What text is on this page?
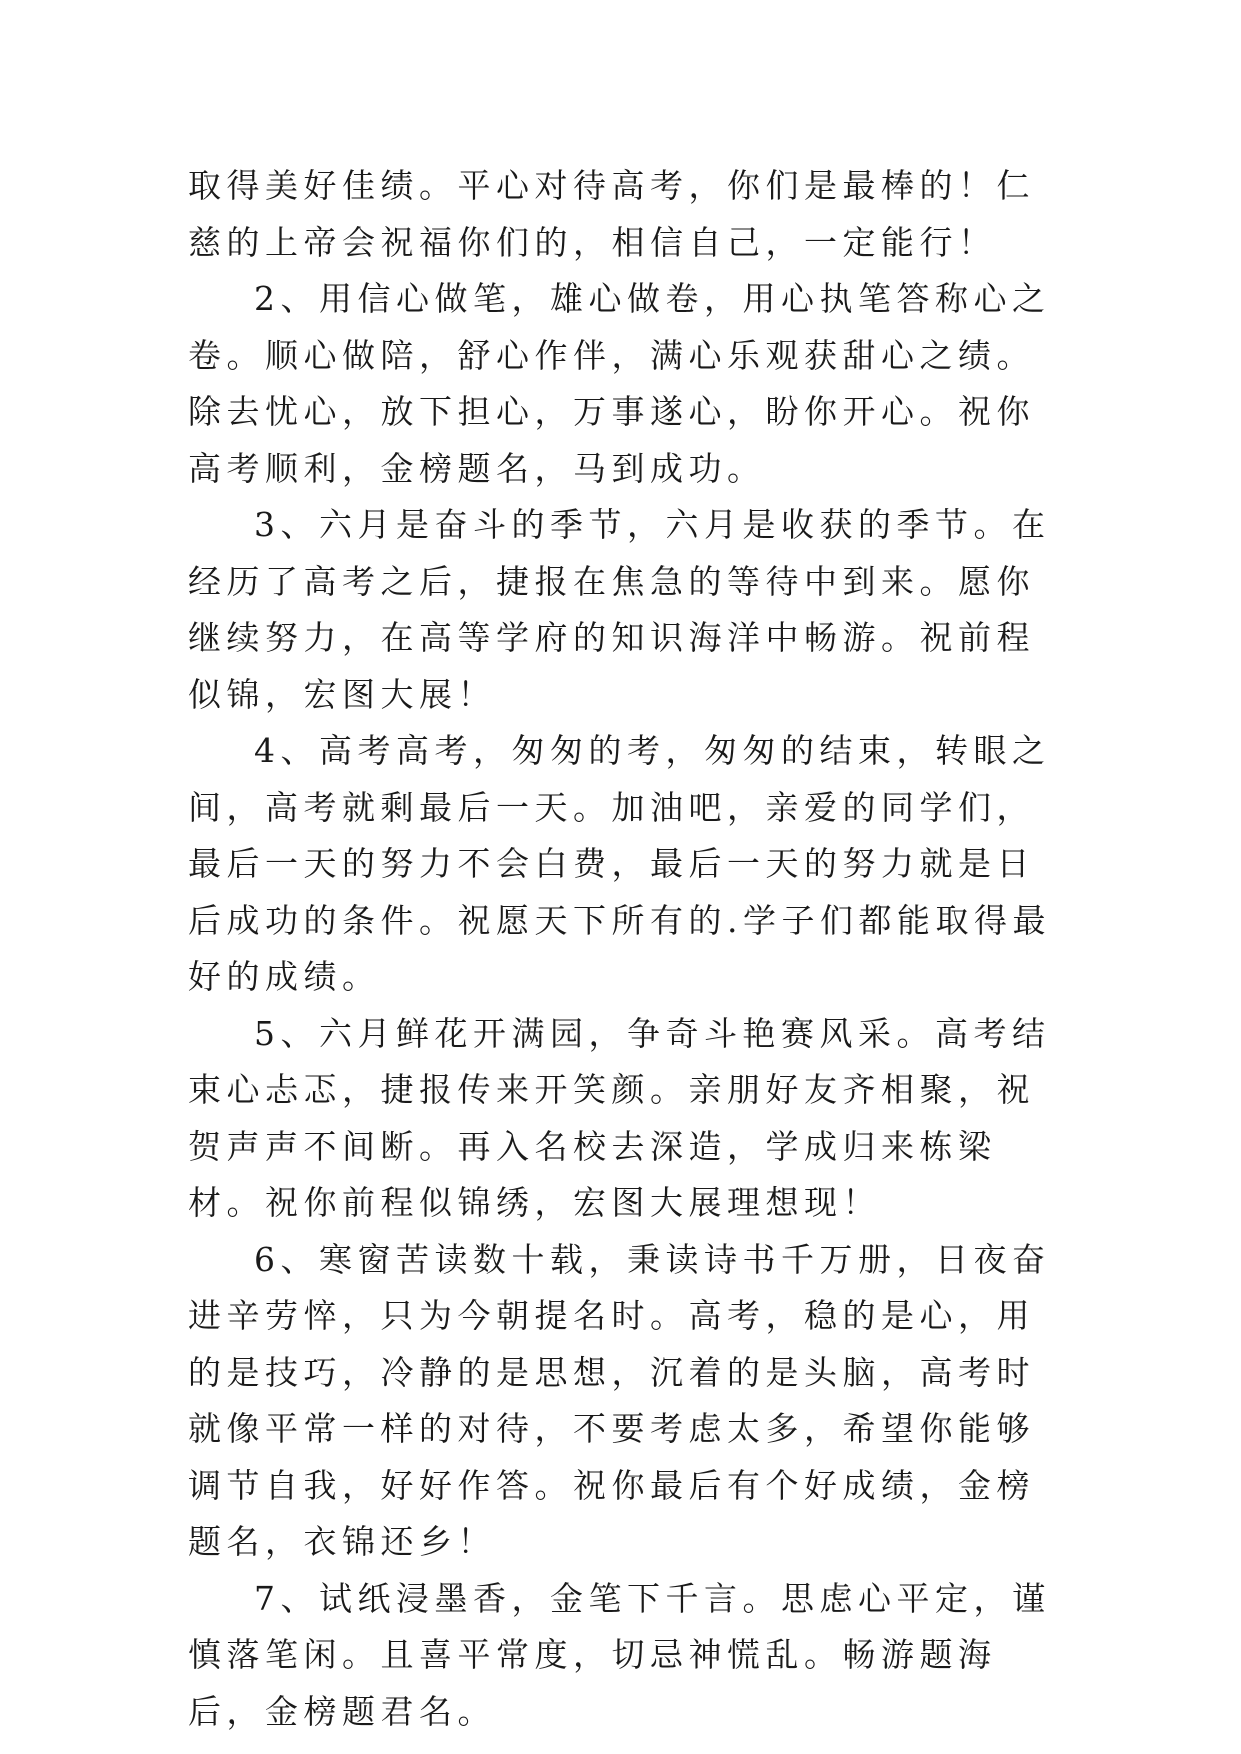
取得美好佳绩。平心对待高考，你们是最棒的！仁慈的上帝会祝福你们的，相信自己，一定能行！

2、用信心做笔，雄心做卷，用心执笔答称心之卷。顺心做陪，舒心作伴，满心乐观获甜心之绩。除去忧心，放下担心，万事遂心，盼你开心。祝你高考顺利，金榜题名，马到成功。

3、六月是奋斗的季节，六月是收获的季节。在经历了高考之后，捷报在焦急的等待中到来。愿你继续努力，在高等学府的知识海洋中畅游。祝前程似锦，宏图大展！

4、高考高考，匆匆的考，匆匆的结束，转眼之间，高考就剩最后一天。加油吧，亲爱的同学们，最后一天的努力不会白费，最后一天的努力就是日后成功的条件。祝愿天下所有的.学子们都能取得最好的成绩。

5、六月鲜花开满园，争奇斗艳赛风采。高考结束心忐忑，捷报传来开笑颜。亲朋好友齐相聚，祝贺声声不间断。再入名校去深造，学成归来栋梁材。祝你前程似锦绣，宏图大展理想现！

6、寒窗苦读数十载，秉读诗书千万册，日夜奋进辛劳悴，只为今朝提名时。高考，稳的是心，用的是技巧，冷静的是思想，沉着的是头脑，高考时就像平常一样的对待，不要考虑太多，希望你能够调节自我，好好作答。祝你最后有个好成绩，金榜题名，衣锦还乡！

7、试纸浸墨香，金笔下千言。思虑心平定，谨慎落笔闲。且喜平常度，切忌神慌乱。畅游题海后，金榜题君名。
